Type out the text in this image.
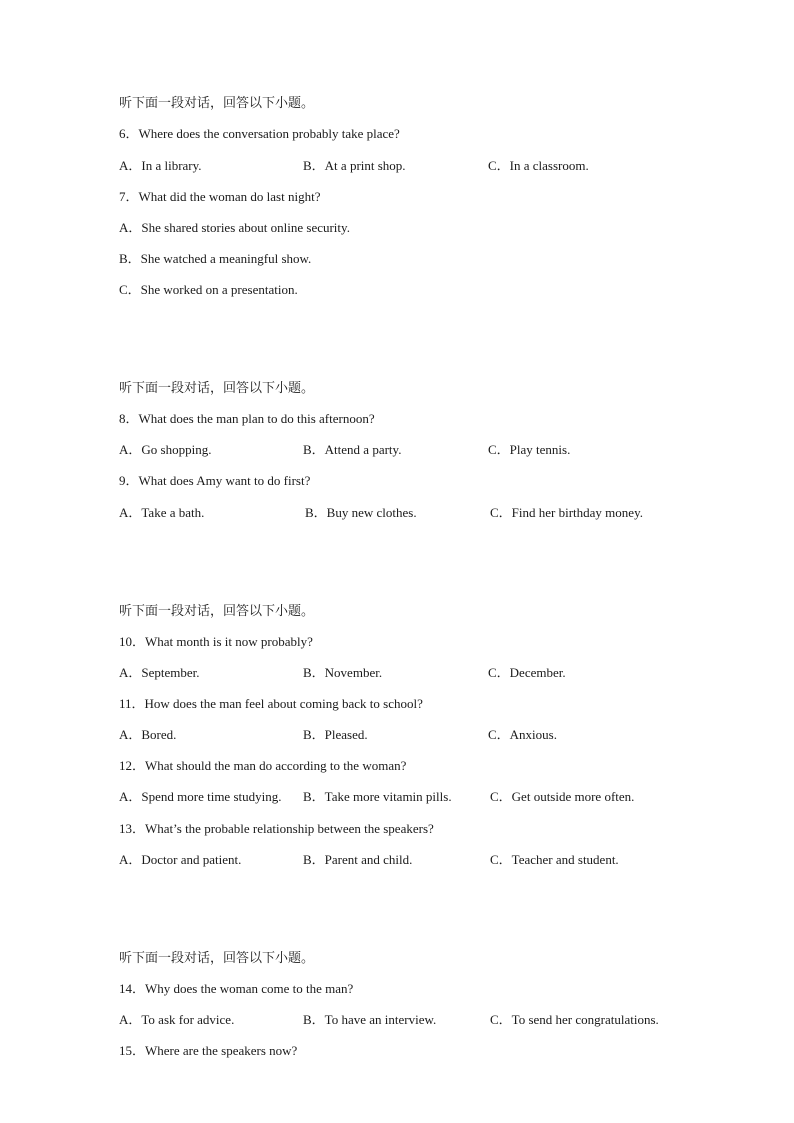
听下面一段对话，回答以下小题。
6．Where does the conversation probably take place?
A．In a library.	B．At a print shop.	C．In a classroom.
7．What did the woman do last night?
A．She shared stories about online security.
B．She watched a meaningful show.
C．She worked on a presentation.
听下面一段对话，回答以下小题。
8．What does the man plan to do this afternoon?
A．Go shopping.	B．Attend a party.	C．Play tennis.
9．What does Amy want to do first?
A．Take a bath.	B．Buy new clothes.	C．Find her birthday money.
听下面一段对话，回答以下小题。
10．What month is it now probably?
A．September.	B．November.	C．December.
11．How does the man feel about coming back to school?
A．Bored.	B．Pleased.	C．Anxious.
12．What should the man do according to the woman?
A．Spend more time studying. B．Take more vitamin pills.	C．Get outside more often.
13．What’s the probable relationship between the speakers?
A．Doctor and patient.	B．Parent and child.	C．Teacher and student.
听下面一段对话，回答以下小题。
14．Why does the woman come to the man?
A．To ask for advice.	B．To have an interview.	C．To send her congratulations.
15．Where are the speakers now?
